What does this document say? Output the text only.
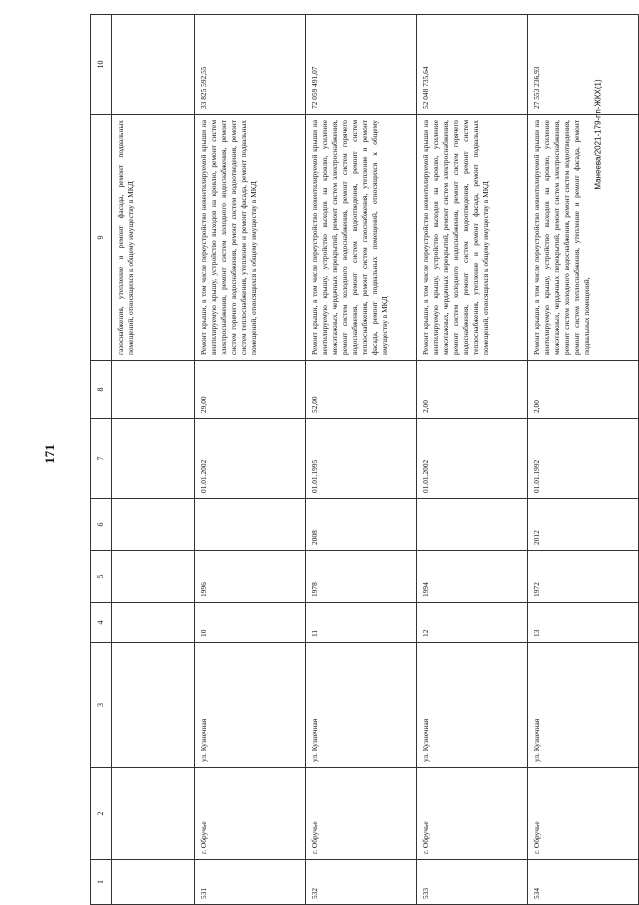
171
Манеева/2021-179-пп-ЖКХ(1)
1	2	3	4	5	6	7	8	9	10
								газоснабжения, утепление и ремонт фасада, ремонт подвальных помещений, относящихся к общему имуществу в МКД	
531	г. Обручье	ул. Кузнечная	10	1996		01.01.2002	29,00	Ремонт крыши, в том числе переустройство невентилируемой крыши на вентилируемую крышу, устройство выходов на кровлю, ремонт систем электроснабжения, ремонт систем холодного водоснабжения, ремонт систем горячего водоснабжения, ремонт систем водоотведения, ремонт систем теплоснабжения, утепление и ремонт фасада, ремонт подвальных помещений, относящихся к общему имуществу в МКД	33 825 592,55
532	г. Обручье	ул. Кузнечная	11	1978	2008	01.01.1995	52,00	Ремонт крыши, в том числе переустройство невентилируемой крыши на вентилируемую крышу, устройство выходов на кровлю, усиление межэтажных, чердачных перекрытий, ремонт систем электроснабжения, ремонт систем холодного водоснабжения, ремонт систем горячего водоснабжения, ремонт систем водоотведения, ремонт систем теплоснабжения, ремонт систем газоснабжения, утепление и ремонт фасада, ремонт подвальных помещений, относящихся к общему имуществу в МКД	72 059 491,07
533	г. Обручье	ул. Кузнечная	12	1994		01.01.2002	2,00	Ремонт крыши, в том числе переустройство невентилируемой крыши на вентилируемую крышу, устройство выходов на кровлю, усиление межэтажных, чердачных перекрытий, ремонт систем электроснабжения, ремонт систем холодного водоснабжения, ремонт систем горячего водоснабжения, ремонт систем водоотведения, ремонт систем теплоснабжения, утепление и ремонт фасада, ремонт подвальных помещений, относящихся к общему имуществу в МКД	52 048 735,64
534	г. Обручье	ул. Кузнечная	13	1972	2012	01.01.1992	2,00	Ремонт крыши, в том числе переустройство невентилируемой крыши на вентилируемую крышу, устройство выходов на кровлю, усиление межэтажных, чердачных перекрытий, ремонт систем электроснабжения, ремонт систем холодного водоснабжения, ремонт систем водоотведения, ремонт систем теплоснабжения, утепление и ремонт фасада, ремонт подвальных помещений,	27 553 236,93
